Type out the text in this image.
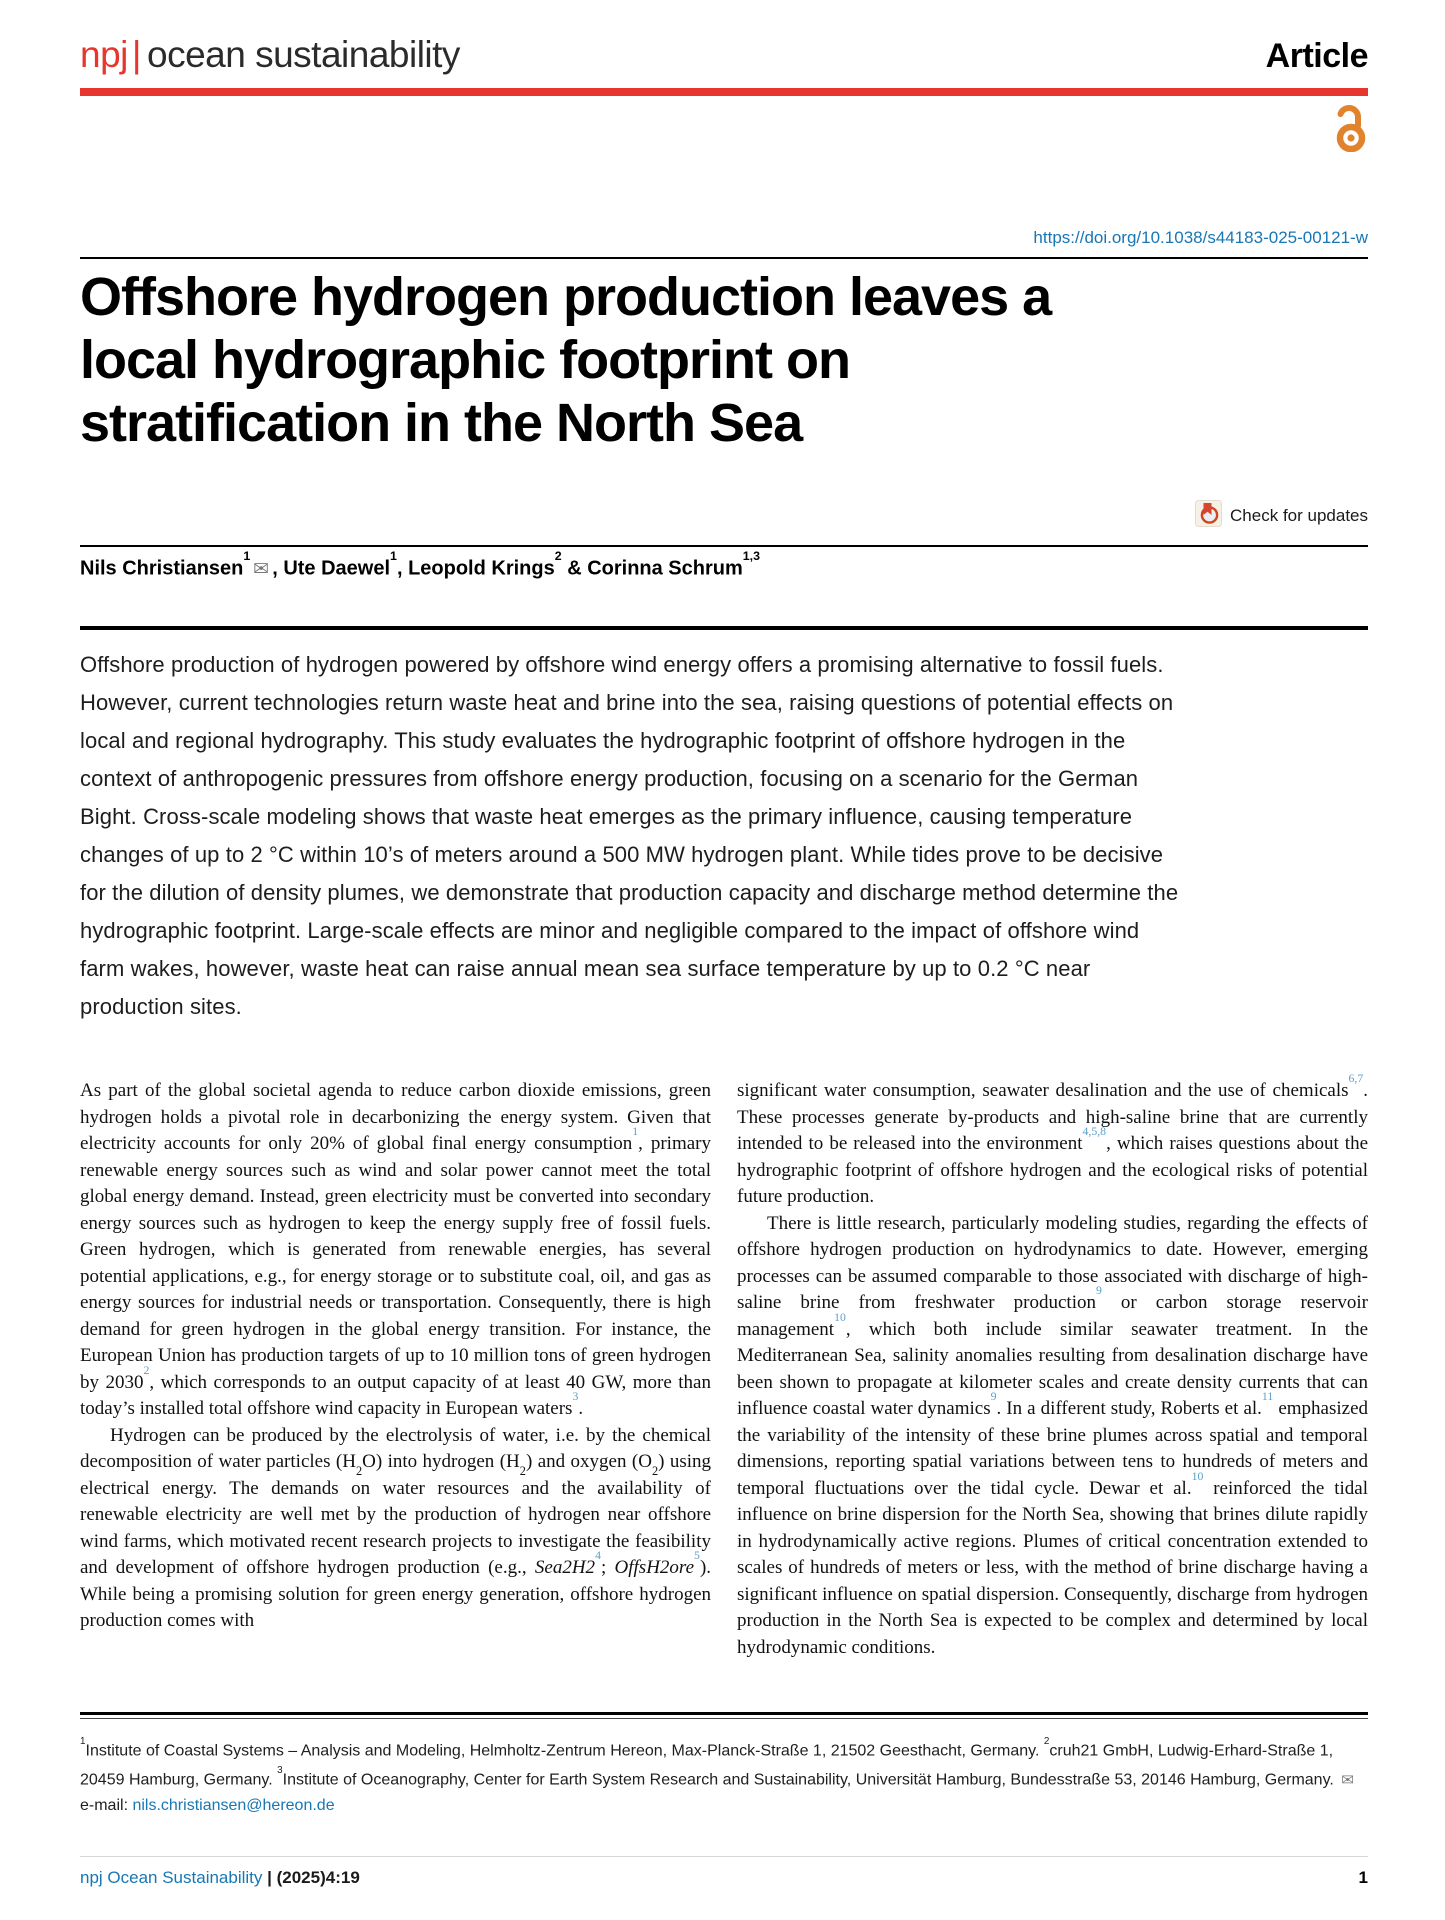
npj | ocean sustainability	Article
https://doi.org/10.1038/s44183-025-00121-w
Offshore hydrogen production leaves a local hydrographic footprint on stratification in the North Sea
Check for updates
Nils Christiansen$^1$✉ , Ute Daewel$^1$, Leopold Krings$^2$ & Corinna Schrum$^{1,3}$
Offshore production of hydrogen powered by offshore wind energy offers a promising alternative to fossil fuels. However, current technologies return waste heat and brine into the sea, raising questions of potential effects on local and regional hydrography. This study evaluates the hydrographic footprint of offshore hydrogen in the context of anthropogenic pressures from offshore energy production, focusing on a scenario for the German Bight. Cross-scale modeling shows that waste heat emerges as the primary influence, causing temperature changes of up to 2 °C within 10’s of meters around a 500 MW hydrogen plant. While tides prove to be decisive for the dilution of density plumes, we demonstrate that production capacity and discharge method determine the hydrographic footprint. Large-scale effects are minor and negligible compared to the impact of offshore wind farm wakes, however, waste heat can raise annual mean sea surface temperature by up to 0.2 °C near production sites.

As part of the global societal agenda to reduce carbon dioxide emissions, green hydrogen holds a pivotal role in decarbonizing the energy system. Given that electricity accounts for only 20% of global final energy consumption$^1$, primary renewable energy sources such as wind and solar power cannot meet the total global energy demand. Instead, green electricity must be converted into secondary energy sources such as hydrogen to keep the energy supply free of fossil fuels. Green hydrogen, which is generated from renewable energies, has several potential applications, e.g., for energy storage or to substitute coal, oil, and gas as energy sources for industrial needs or transportation. Consequently, there is high demand for green hydrogen in the global energy transition. For instance, the European Union has production targets of up to 10 million tons of green hydrogen by 2030$^2$, which corresponds to an output capacity of at least 40 GW, more than today’s installed total offshore wind capacity in European waters$^3$.

Hydrogen can be produced by the electrolysis of water, i.e. by the chemical decomposition of water particles $(H_2O)$ into hydrogen $(H_2)$ and oxygen $(O_2)$ using electrical energy. The demands on water resources and the availability of renewable electricity are well met by the production of hydrogen near offshore wind farms, which motivated recent research projects to investigate the feasibility and development of offshore hydrogen production (e.g., Sea2H2$^4$; OffsH2ore$^5$). While being a promising solution for green energy generation, offshore hydrogen production comes with

significant water consumption, seawater desalination and the use of chemicals$^{6,7}$. These processes generate by-products and high-saline brine that are currently intended to be released into the environment$^{4,5,8}$, which raises questions about the hydrographic footprint of offshore hydrogen and the ecological risks of potential future production.

There is little research, particularly modeling studies, regarding the effects of offshore hydrogen production on hydrodynamics to date. However, emerging processes can be assumed comparable to those associated with discharge of high-saline brine from freshwater production$^9$ or carbon storage reservoir management$^{10}$, which both include similar seawater treatment. In the Mediterranean Sea, salinity anomalies resulting from desalination discharge have been shown to propagate at kilometer scales and create density currents that can influence coastal water dynamics$^9$. In a different study, Roberts et al.$^{11}$ emphasized the variability of the intensity of these brine plumes across spatial and temporal dimensions, reporting spatial variations between tens to hundreds of meters and temporal fluctuations over the tidal cycle. Dewar et al.$^{10}$ reinforced the tidal influence on brine dispersion for the North Sea, showing that brines dilute rapidly in hydrodynamically active regions. Plumes of critical concentration extended to scales of hundreds of meters or less, with the method of brine discharge having a significant influence on spatial dispersion. Consequently, discharge from hydrogen production in the North Sea is expected to be complex and determined by local hydrodynamic conditions.

$^1$Institute of Coastal Systems – Analysis and Modeling, Helmholtz-Zentrum Hereon, Max-Planck-Straße 1, 21502 Geesthacht, Germany. $^2$cruh21 GmbH, Ludwig-Erhard-Straße 1, 20459 Hamburg, Germany. $^3$Institute of Oceanography, Center for Earth System Research and Sustainability, Universität Hamburg, Bundesstraße 53, 20146 Hamburg, Germany. ✉e-mail: nils.christiansen@hereon.de
npj Ocean Sustainability | (2025)4:19	1
